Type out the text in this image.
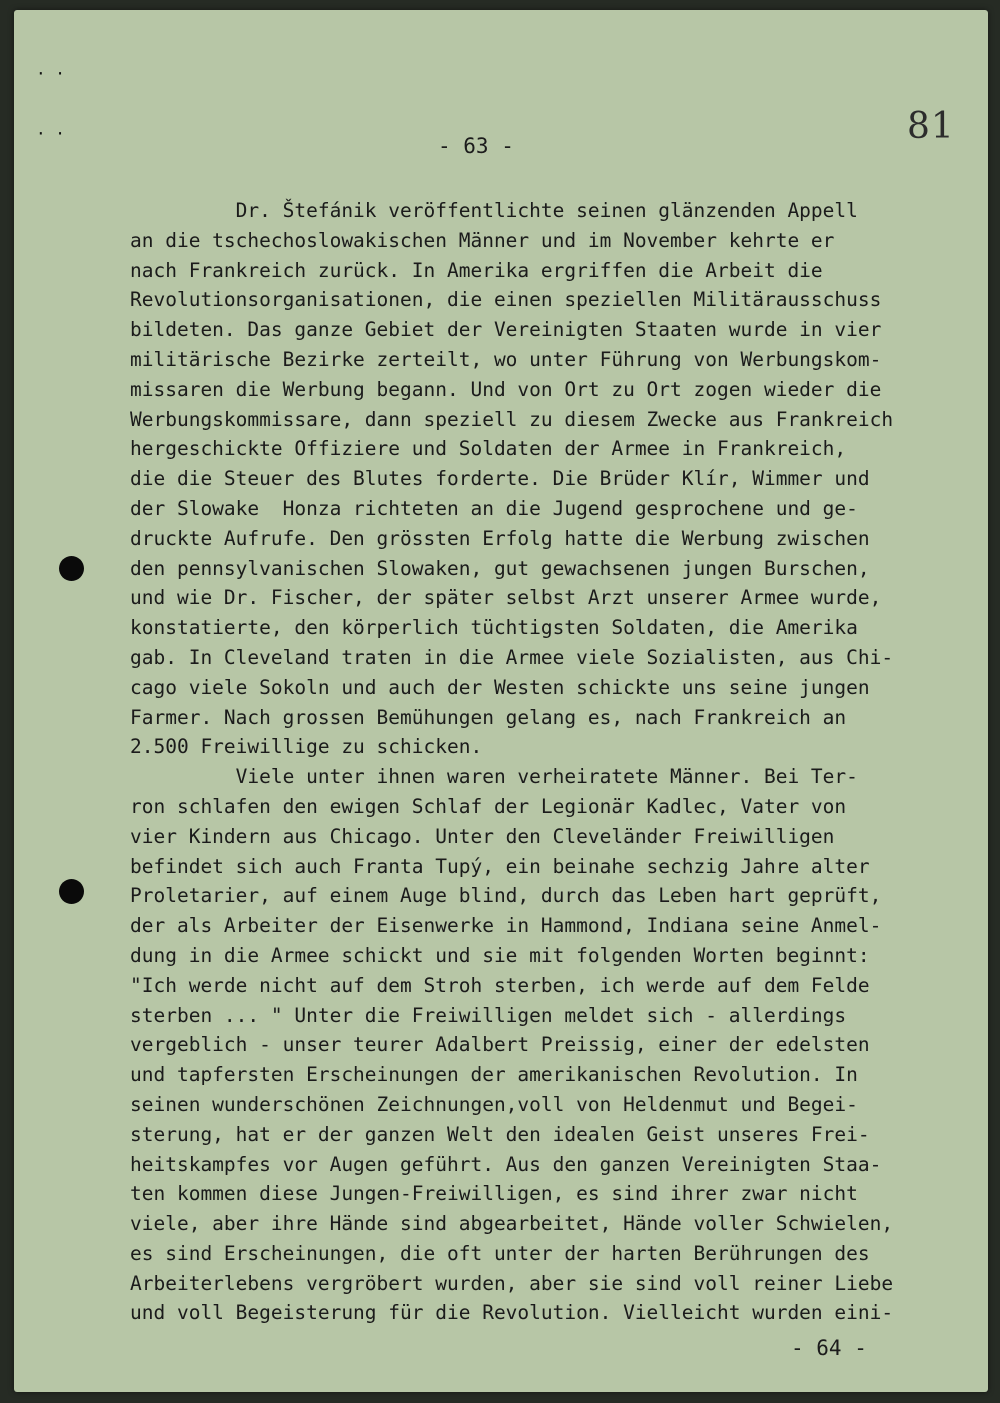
· ·
· ·	81
- 63 -
Dr. Štefánik veröffentlichte seinen glänzenden Appell
an die tschechoslowakischen Männer und im November kehrte er
nach Frankreich zurück. In Amerika ergriffen die Arbeit die
Revolutionsorganisationen, die einen speziellen Militärausschuss
bildeten. Das ganze Gebiet der Vereinigten Staaten wurde in vier
militärische Bezirke zerteilt, wo unter Führung von Werbungskom-
missaren die Werbung begann. Und von Ort zu Ort zogen wieder die
Werbungskommissare, dann speziell zu diesem Zwecke aus Frankreich
hergeschickte Offiziere und Soldaten der Armee in Frankreich,
die die Steuer des Blutes forderte. Die Brüder Klír, Wimmer und
der Slowake  Honza richteten an die Jugend gesprochene und ge-
druckte Aufrufe. Den grössten Erfolg hatte die Werbung zwischen
den pennsylvanischen Slowaken, gut gewachsenen jungen Burschen,
und wie Dr. Fischer, der später selbst Arzt unserer Armee wurde,
konstatierte, den körperlich tüchtigsten Soldaten, die Amerika
gab. In Cleveland traten in die Armee viele Sozialisten, aus Chi-
cago viele Sokoln und auch der Westen schickte uns seine jungen
Farmer. Nach grossen Bemühungen gelang es, nach Frankreich an
2.500 Freiwillige zu schicken.
Viele unter ihnen waren verheiratete Männer. Bei Ter-
ron schlafen den ewigen Schlaf der Legionär Kadlec, Vater von
vier Kindern aus Chicago. Unter den Cleveländer Freiwilligen
befindet sich auch Franta Tupý, ein beinahe sechzig Jahre alter
Proletarier, auf einem Auge blind, durch das Leben hart geprüft,
der als Arbeiter der Eisenwerke in Hammond, Indiana seine Anmel-
dung in die Armee schickt und sie mit folgenden Worten beginnt:
"Ich werde nicht auf dem Stroh sterben, ich werde auf dem Felde
sterben ... " Unter die Freiwilligen meldet sich - allerdings
vergeblich - unser teurer Adalbert Preissig, einer der edelsten
und tapfersten Erscheinungen der amerikanischen Revolution. In
seinen wunderschönen Zeichnungen,voll von Heldenmut und Begei-
sterung, hat er der ganzen Welt den idealen Geist unseres Frei-
heitskampfes vor Augen geführt. Aus den ganzen Vereinigten Staa-
ten kommen diese Jungen-Freiwilligen, es sind ihrer zwar nicht
viele, aber ihre Hände sind abgearbeitet, Hände voller Schwielen,
es sind Erscheinungen, die oft unter der harten Berührungen des
Arbeiterlebens vergröbert wurden, aber sie sind voll reiner Liebe
und voll Begeisterung für die Revolution. Vielleicht wurden eini-
- 64 -
